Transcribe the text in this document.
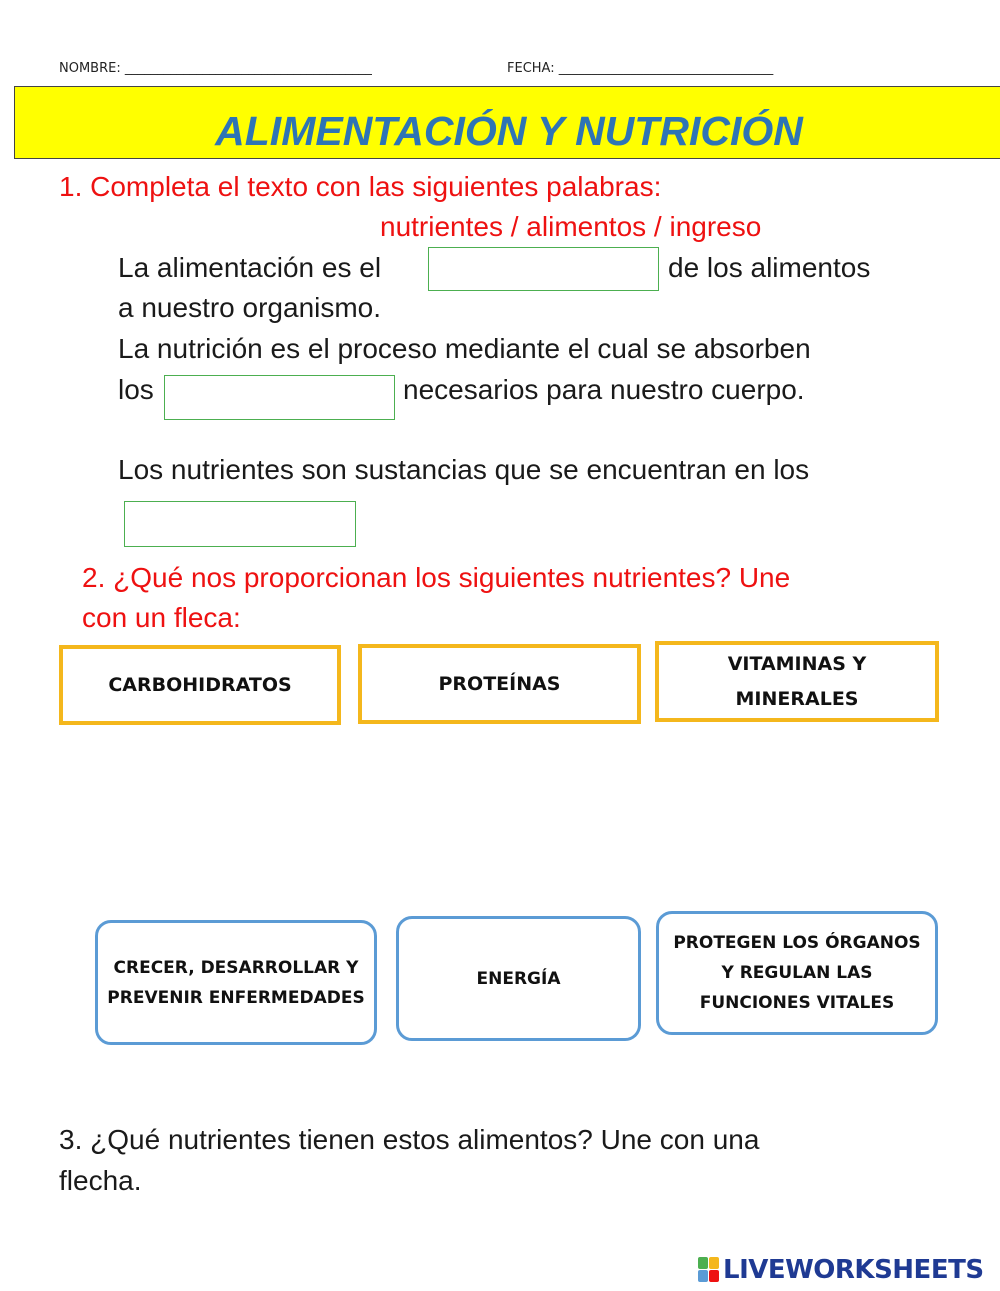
NOMBRE: ______________________________________	FECHA: _________________________________
ALIMENTACIÓN Y NUTRICIÓN
1. Completa el texto con las siguientes palabras:
nutrientes / alimentos / ingreso
La alimentación es el	de los alimentos
a nuestro organismo.
La nutrición es el proceso mediante el cual se absorben
los	necesarios para nuestro cuerpo.
Los nutrientes son sustancias que se encuentran en los
2. ¿Qué nos proporcionan los siguientes nutrientes? Une
con un fleca:
CARBOHIDRATOS	PROTEÍNAS
VITAMINAS Y MINERALES
CRECER, DESARROLLAR Y PREVENIR ENFERMEDADES
ENERGÍA
PROTEGEN LOS ÓRGANOS Y REGULAN LAS FUNCIONES VITALES
3. ¿Qué nutrientes tienen estos alimentos? Une con una
flecha.
LIVEWORKSHEETS
